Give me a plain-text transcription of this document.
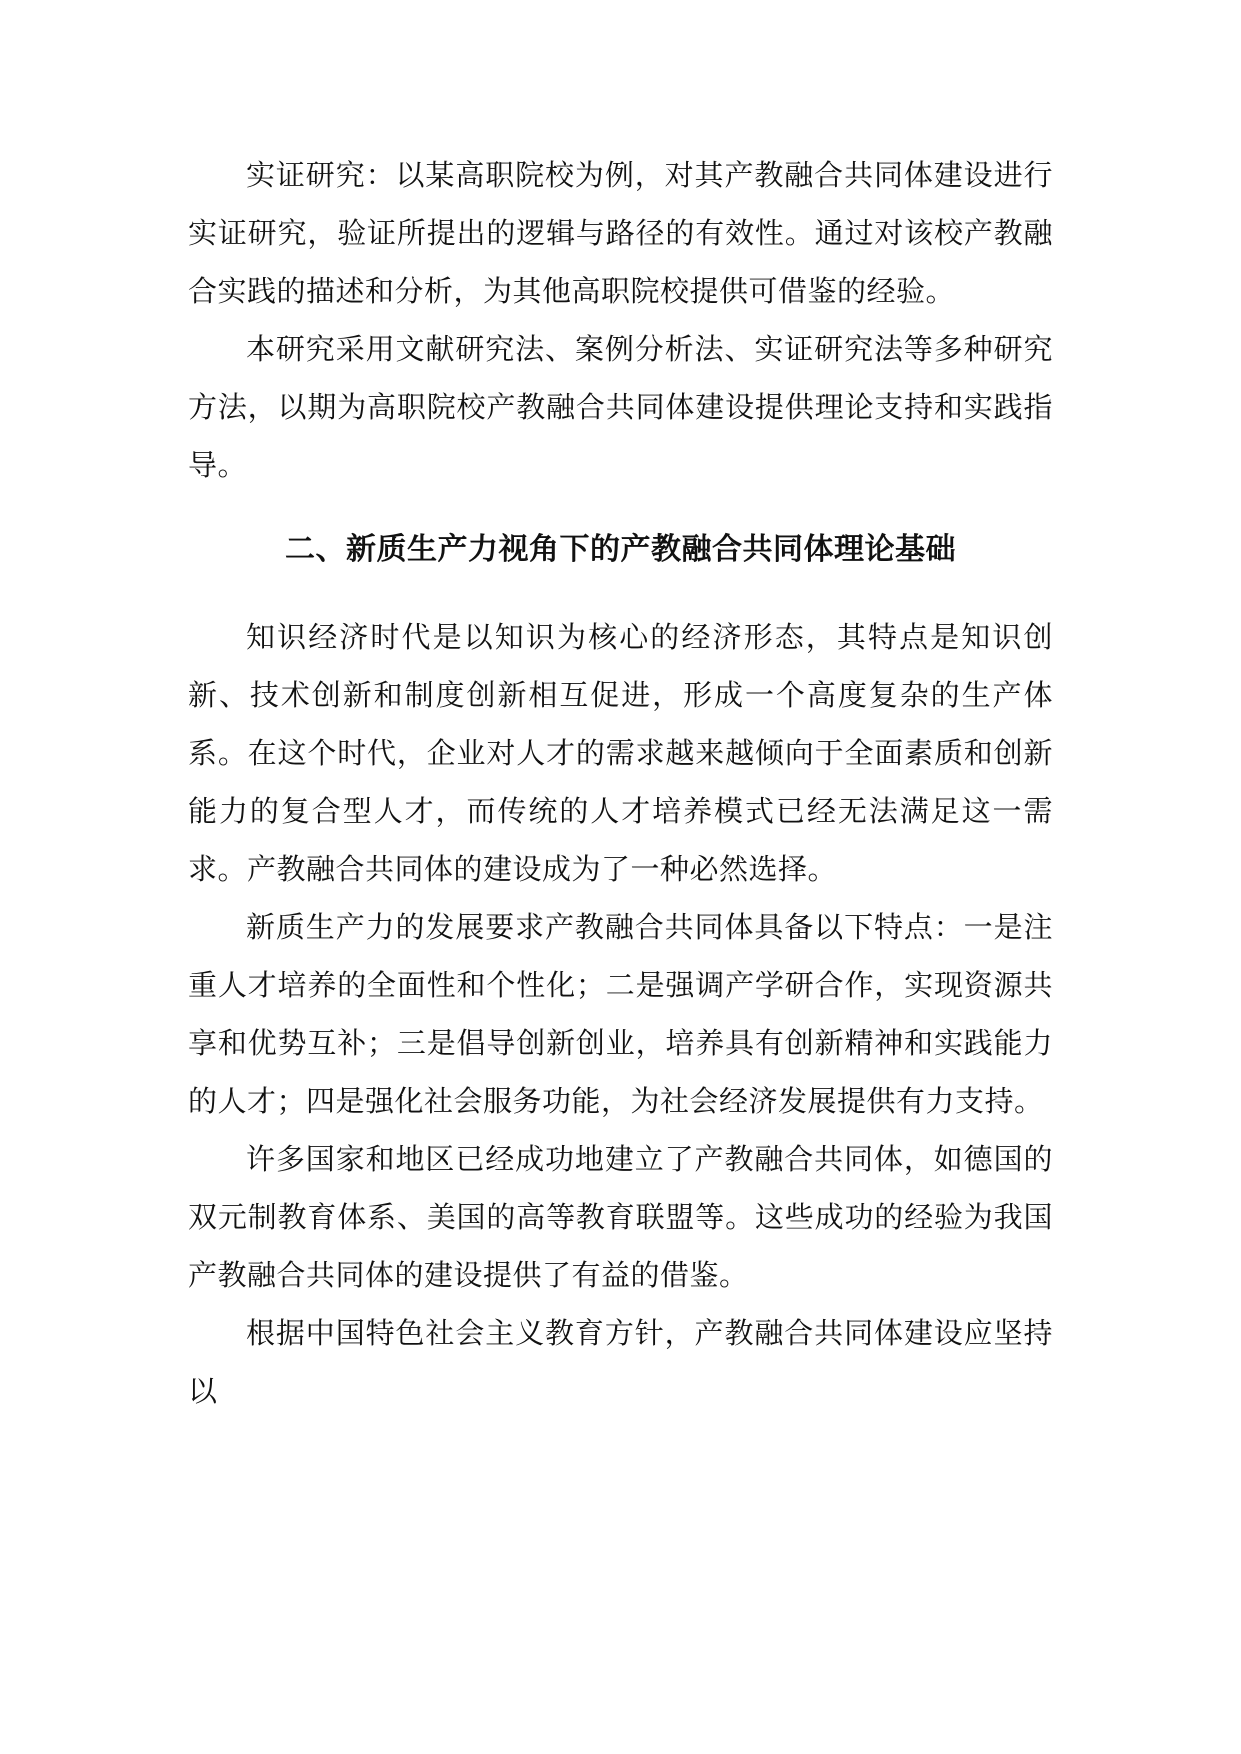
实证研究：以某高职院校为例，对其产教融合共同体建设进行实证研究，验证所提出的逻辑与路径的有效性。通过对该校产教融合实践的描述和分析，为其他高职院校提供可借鉴的经验。

本研究采用文献研究法、案例分析法、实证研究法等多种研究方法，以期为高职院校产教融合共同体建设提供理论支持和实践指导。

二、新质生产力视角下的产教融合共同体理论基础

知识经济时代是以知识为核心的经济形态，其特点是知识创新、技术创新和制度创新相互促进，形成一个高度复杂的生产体系。在这个时代，企业对人才的需求越来越倾向于全面素质和创新能力的复合型人才，而传统的人才培养模式已经无法满足这一需求。产教融合共同体的建设成为了一种必然选择。

新质生产力的发展要求产教融合共同体具备以下特点：一是注重人才培养的全面性和个性化；二是强调产学研合作，实现资源共享和优势互补；三是倡导创新创业，培养具有创新精神和实践能力的人才；四是强化社会服务功能，为社会经济发展提供有力支持。

许多国家和地区已经成功地建立了产教融合共同体，如德国的双元制教育体系、美国的高等教育联盟等。这些成功的经验为我国产教融合共同体的建设提供了有益的借鉴。

根据中国特色社会主义教育方针，产教融合共同体建设应坚持以
